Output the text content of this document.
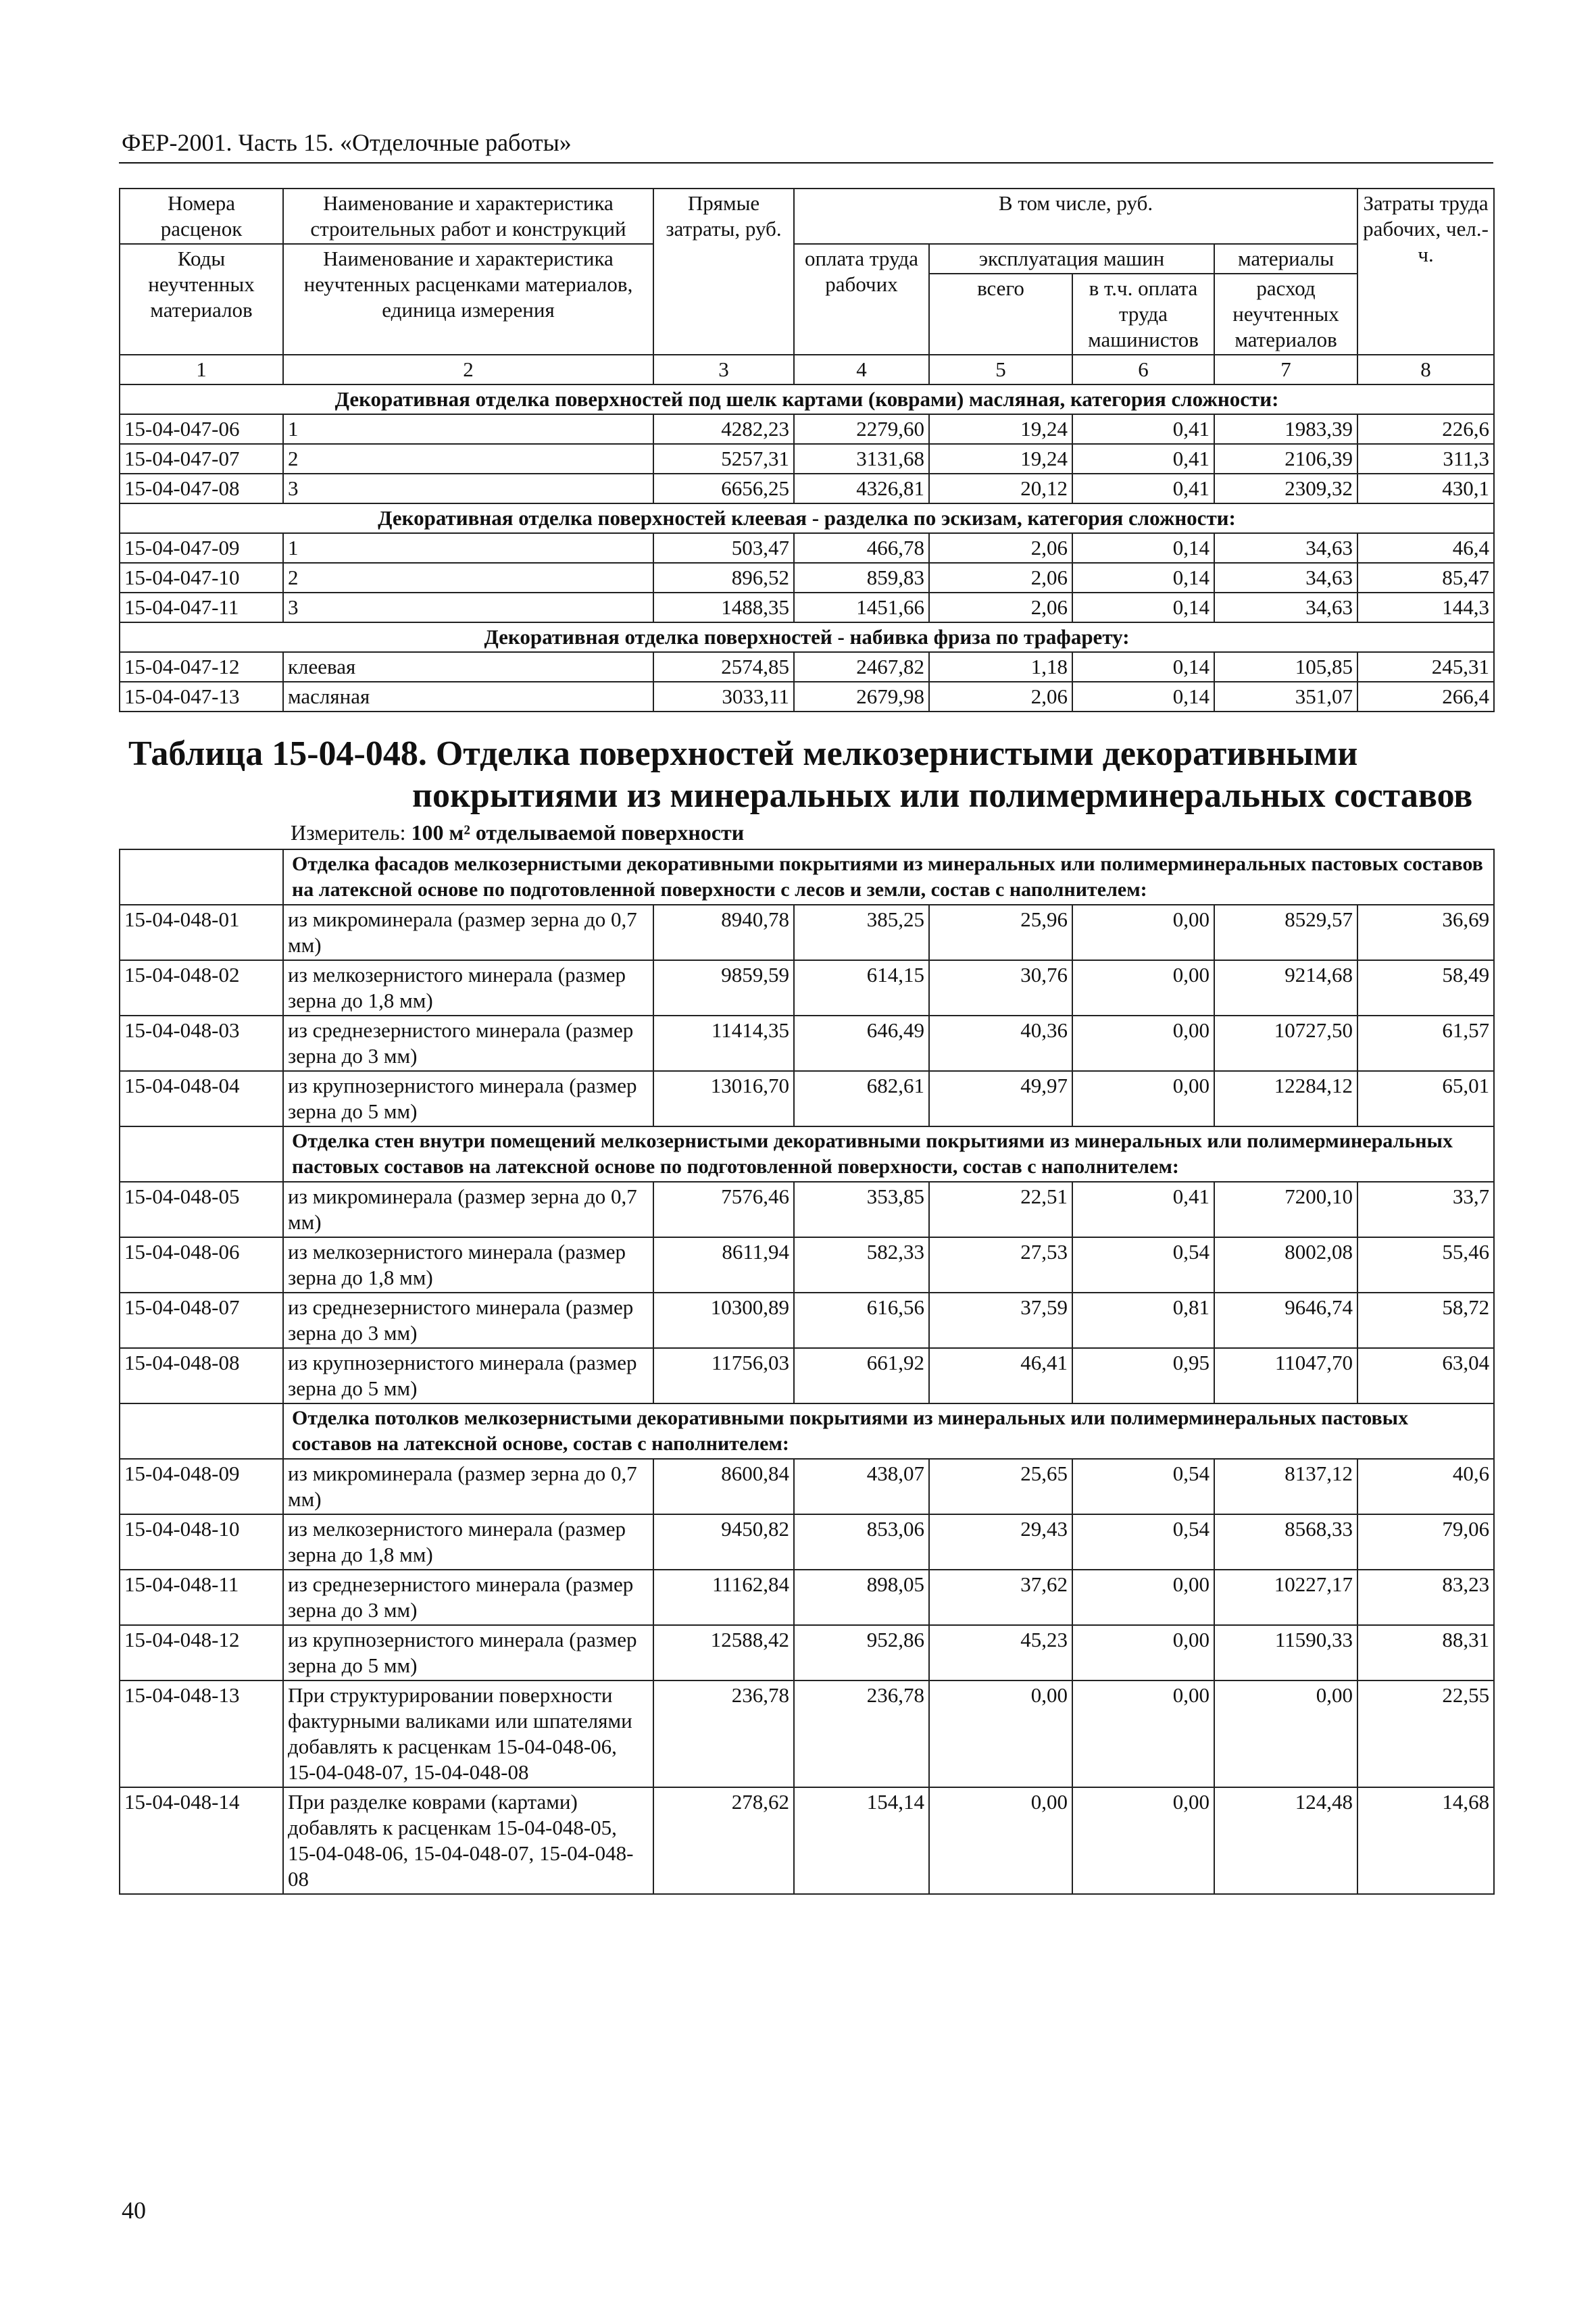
ФЕР-2001. Часть 15. «Отделочные работы»
Номера расценок	Наименование и характеристика строительных работ и конструкций	Прямые затраты, руб.	В том числе, руб.				Затраты труда рабочих, чел.-ч.
Коды неучтенных материалов	Наименование и характеристика неучтенных расценками материалов, единица измерения		оплата труда рабочих	эксплуатация машин		материалы	
				всего	в т.ч. оплата труда машинистов	расход неучтенных материалов	
1	2	3	4	5	6	7	8
Декоративная отделка поверхностей под шелк картами (коврами) масляная, категория сложности:							
15-04-047-06	1	4282,23	2279,60	19,24	0,41	1983,39	226,6
15-04-047-07	2	5257,31	3131,68	19,24	0,41	2106,39	311,3
15-04-047-08	3	6656,25	4326,81	20,12	0,41	2309,32	430,1
Декоративная отделка поверхностей клеевая - разделка по эскизам, категория сложности:							
15-04-047-09	1	503,47	466,78	2,06	0,14	34,63	46,4
15-04-047-10	2	896,52	859,83	2,06	0,14	34,63	85,47
15-04-047-11	3	1488,35	1451,66	2,06	0,14	34,63	144,3
Декоративная отделка поверхностей - набивка фриза по трафарету:							
15-04-047-12	клеевая	2574,85	2467,82	1,18	0,14	105,85	245,31
15-04-047-13	масляная	3033,11	2679,98	2,06	0,14	351,07	266,4
Таблица 15-04-048. Отделка поверхностей мелкозернистыми декоративными
покрытиями из минеральных или полимерминеральных составов
Измеритель: 100 м² отделываемой поверхности
	Отделка фасадов мелкозернистыми декоративными покрытиями из минеральных или полимерминеральных пастовых составов на латексной основе по подготовленной поверхности с лесов и земли, состав с наполнителем:						
15-04-048-01	из микроминерала (размер зерна до 0,7 мм)	8940,78	385,25	25,96	0,00	8529,57	36,69
15-04-048-02	из мелкозернистого минерала (размер зерна до 1,8 мм)	9859,59	614,15	30,76	0,00	9214,68	58,49
15-04-048-03	из среднезернистого минерала (размер зерна до 3 мм)	11414,35	646,49	40,36	0,00	10727,50	61,57
15-04-048-04	из крупнозернистого минерала (размер зерна до 5 мм)	13016,70	682,61	49,97	0,00	12284,12	65,01
	Отделка стен внутри помещений мелкозернистыми декоративными покрытиями из минеральных или полимерминеральных пастовых составов на латексной основе по подготовленной поверхности, состав с наполнителем:						
15-04-048-05	из микроминерала (размер зерна до 0,7 мм)	7576,46	353,85	22,51	0,41	7200,10	33,7
15-04-048-06	из мелкозернистого минерала (размер зерна до 1,8 мм)	8611,94	582,33	27,53	0,54	8002,08	55,46
15-04-048-07	из среднезернистого минерала (размер зерна до 3 мм)	10300,89	616,56	37,59	0,81	9646,74	58,72
15-04-048-08	из крупнозернистого минерала (размер зерна до 5 мм)	11756,03	661,92	46,41	0,95	11047,70	63,04
	Отделка потолков мелкозернистыми декоративными покрытиями из минеральных или полимерминеральных пастовых составов на латексной основе, состав с наполнителем:						
15-04-048-09	из микроминерала (размер зерна до 0,7 мм)	8600,84	438,07	25,65	0,54	8137,12	40,6
15-04-048-10	из мелкозернистого минерала (размер зерна до 1,8 мм)	9450,82	853,06	29,43	0,54	8568,33	79,06
15-04-048-11	из среднезернистого минерала (размер зерна до 3 мм)	11162,84	898,05	37,62	0,00	10227,17	83,23
15-04-048-12	из крупнозернистого минерала (размер зерна до 5 мм)	12588,42	952,86	45,23	0,00	11590,33	88,31
15-04-048-13	При структурировании поверхности фактурными валиками или шпателями добавлять к расценкам 15-04-048-06, 15-04-048-07, 15-04-048-08	236,78	236,78	0,00	0,00	0,00	22,55
15-04-048-14	При разделке коврами (картами) добавлять к расценкам 15-04-048-05, 15-04-048-06, 15-04-048-07, 15-04-048-08	278,62	154,14	0,00	0,00	124,48	14,68
40
